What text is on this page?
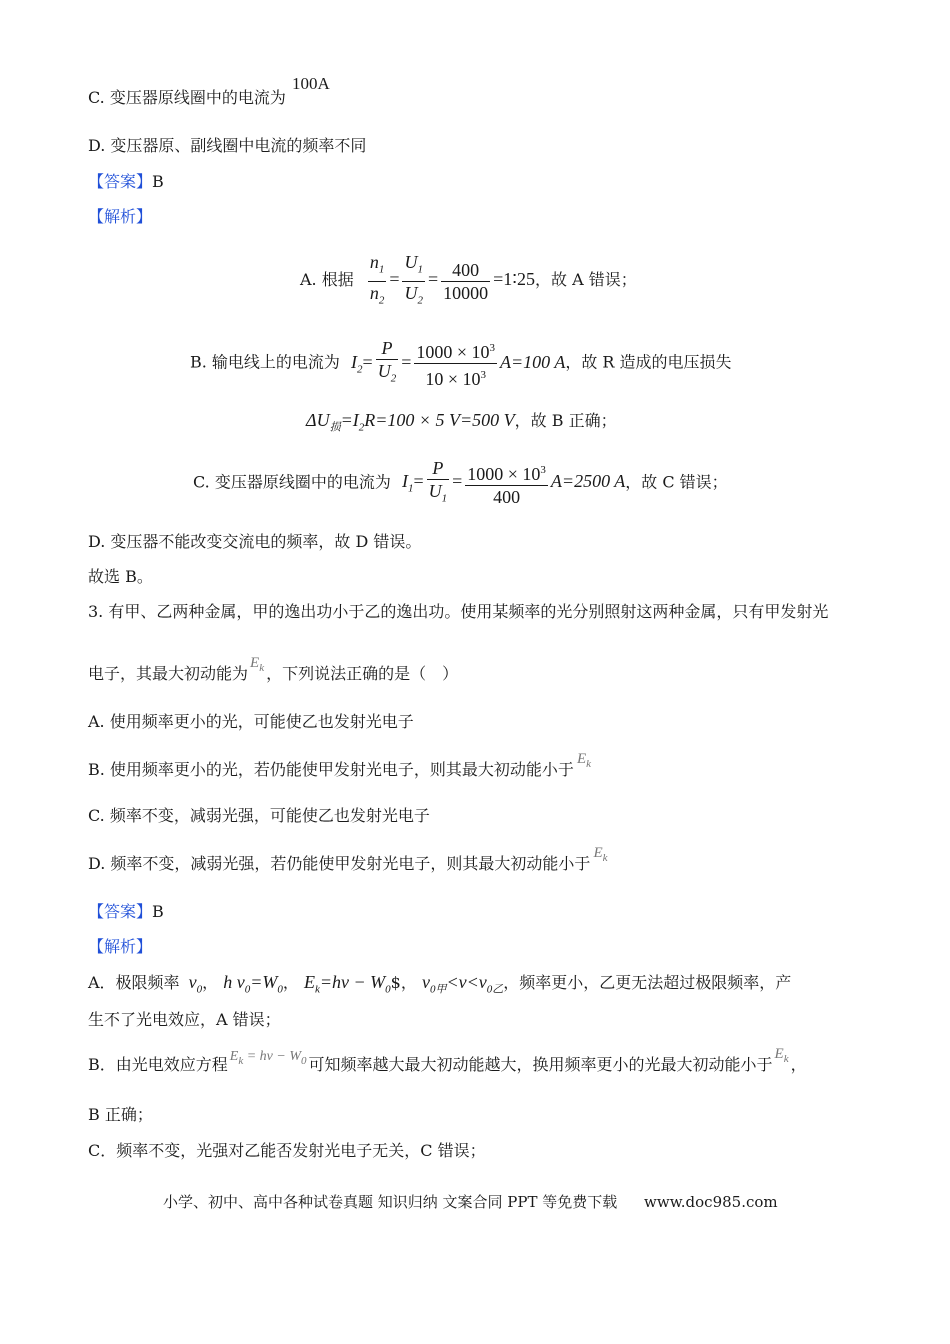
C. 变压器原线圈中的电流为
100A
D. 变压器原、副线圈中电流的频率不同
【答案】B
【解析】
A. 根据 $\frac{n_1}{n_2} = \frac{U_1}{U_2} = \frac{400}{10000}$ =1∶25，故 A 错误；
B. 输电线上的电流为 $I_2= \frac{P}{U_2} = \frac{1000 \times 10^3}{10 \times 10^3} A=100$ A，故 R 造成的电压损失
$\Delta U_损=I_2R=100 \times 5$ V=500 V，故 B 正确；
C. 变压器原线圈中的电流为 $I_1= \frac{P}{U_1} = \frac{1000 \times 10^3}{400} A=2500$ A，故 C 错误；
D. 变压器不能改变交流电的频率，故 D 错误。
故选 B。
3. 有甲、乙两种金属，甲的逸出功小于乙的逸出功。使用某频率的光分别照射这两种金属，只有甲发射光
电子，其最大初动能为$E_k$ ，下列说法正确的是（　）
A. 使用频率更小的光，可能使乙也发射光电子
B. 使用频率更小的光，若仍能使甲发射光电子，则其最大初动能小于$E_k$
C. 频率不变，减弱光强，可能使乙也发射光电子
D. 频率不变，减弱光强，若仍能使甲发射光电子，则其最大初动能小于$E_k$
【答案】B
【解析】
A．极限频率 $v_0$， h $v_0=W_0$， $E_k=hv$ − $W_0\$$， $v_{0甲}<v<v_{0乙}$，频率更小，乙更无法超过极限频率，产
生不了光电效应，A 错误；
B．由光电效应方程 $E_k = h\nu - W_0$ 可知频率越大最大初动能越大，换用频率更小的光最大初动能小于$E_k$ ，
B 正确；
C．频率不变，光强对乙能否发射光电子无关，C 错误；
小学、初中、高中各种试卷真题 知识归纳 文案合同 PPT 等免费下载 www.doc985.com
